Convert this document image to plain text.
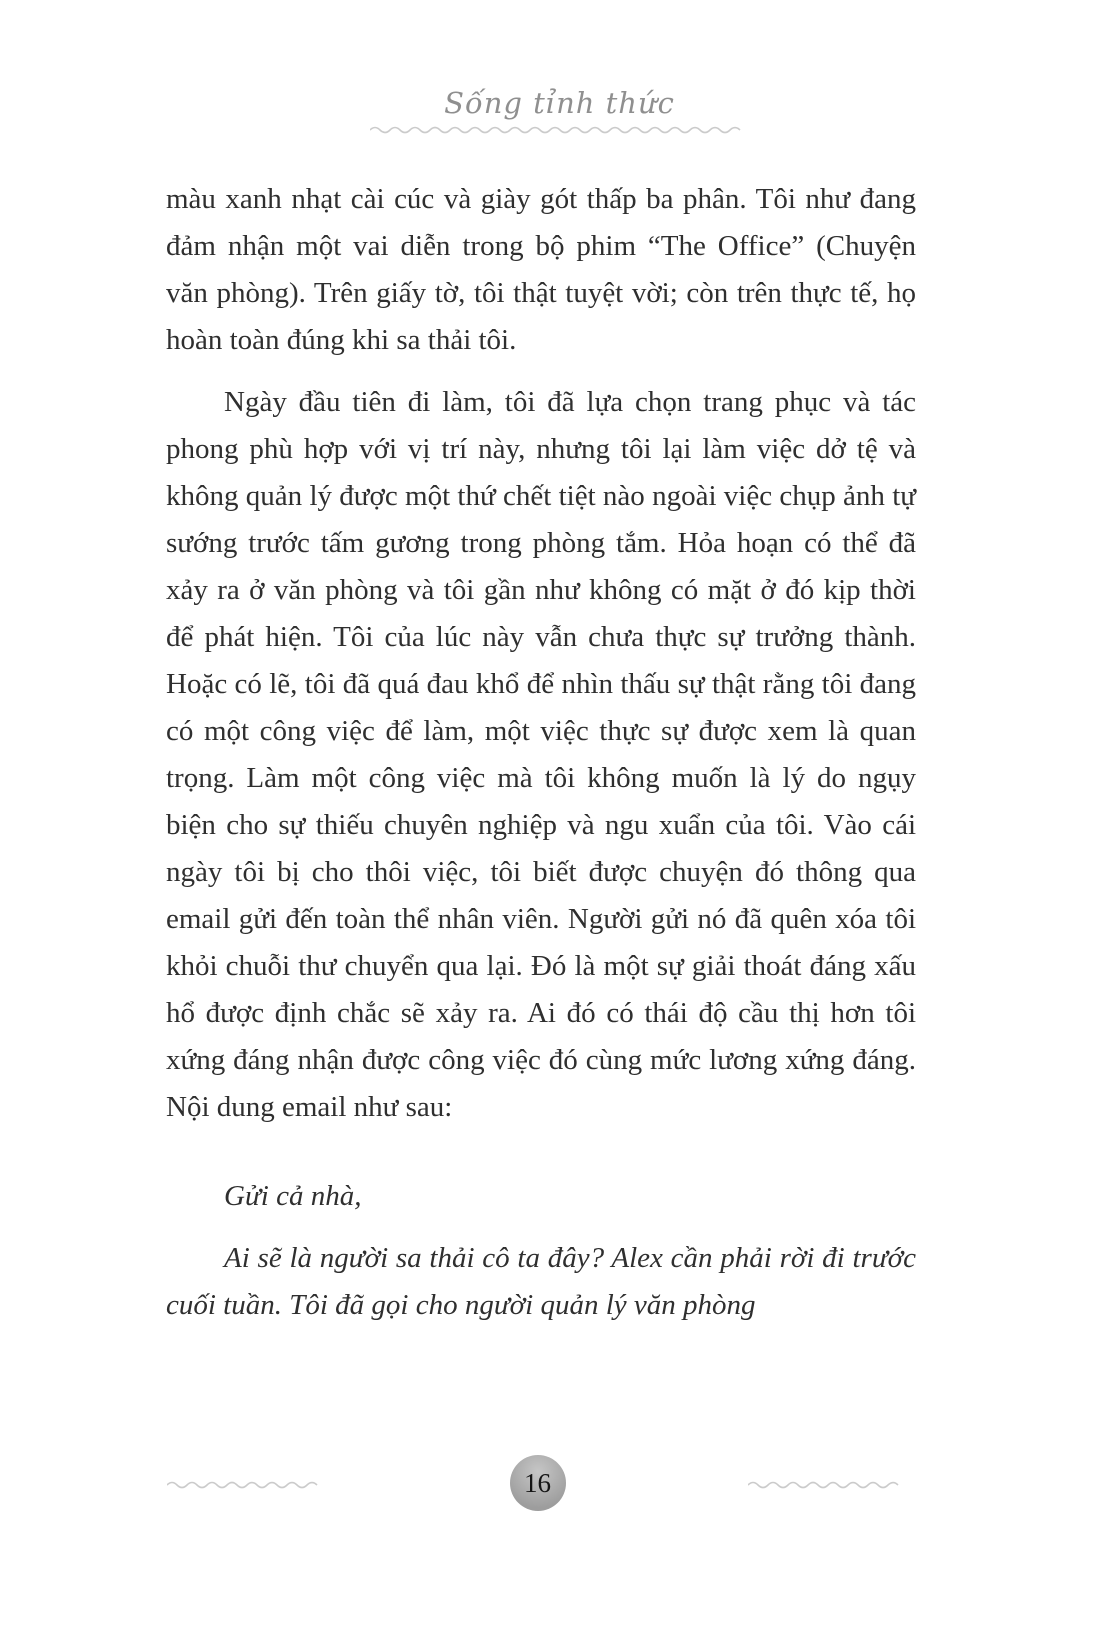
Sống tỉnh thức

màu xanh nhạt cài cúc và giày gót thấp ba phân. Tôi như đang đảm nhận một vai diễn trong bộ phim “The Office” (Chuyện văn phòng). Trên giấy tờ, tôi thật tuyệt vời; còn trên thực tế, họ hoàn toàn đúng khi sa thải tôi.

Ngày đầu tiên đi làm, tôi đã lựa chọn trang phục và tác phong phù hợp với vị trí này, nhưng tôi lại làm việc dở tệ và không quản lý được một thứ chết tiệt nào ngoài việc chụp ảnh tự sướng trước tấm gương trong phòng tắm. Hỏa hoạn có thể đã xảy ra ở văn phòng và tôi gần như không có mặt ở đó kịp thời để phát hiện. Tôi của lúc này vẫn chưa thực sự trưởng thành. Hoặc có lẽ, tôi đã quá đau khổ để nhìn thấu sự thật rằng tôi đang có một công việc để làm, một việc thực sự được xem là quan trọng. Làm một công việc mà tôi không muốn là lý do ngụy biện cho sự thiếu chuyên nghiệp và ngu xuẩn của tôi. Vào cái ngày tôi bị cho thôi việc, tôi biết được chuyện đó thông qua email gửi đến toàn thể nhân viên. Người gửi nó đã quên xóa tôi khỏi chuỗi thư chuyển qua lại. Đó là một sự giải thoát đáng xấu hổ được định chắc sẽ xảy ra. Ai đó có thái độ cầu thị hơn tôi xứng đáng nhận được công việc đó cùng mức lương xứng đáng. Nội dung email như sau:

Gửi cả nhà,

Ai sẽ là người sa thải cô ta đây? Alex cần phải rời đi trước cuối tuần. Tôi đã gọi cho người quản lý văn phòng

16
